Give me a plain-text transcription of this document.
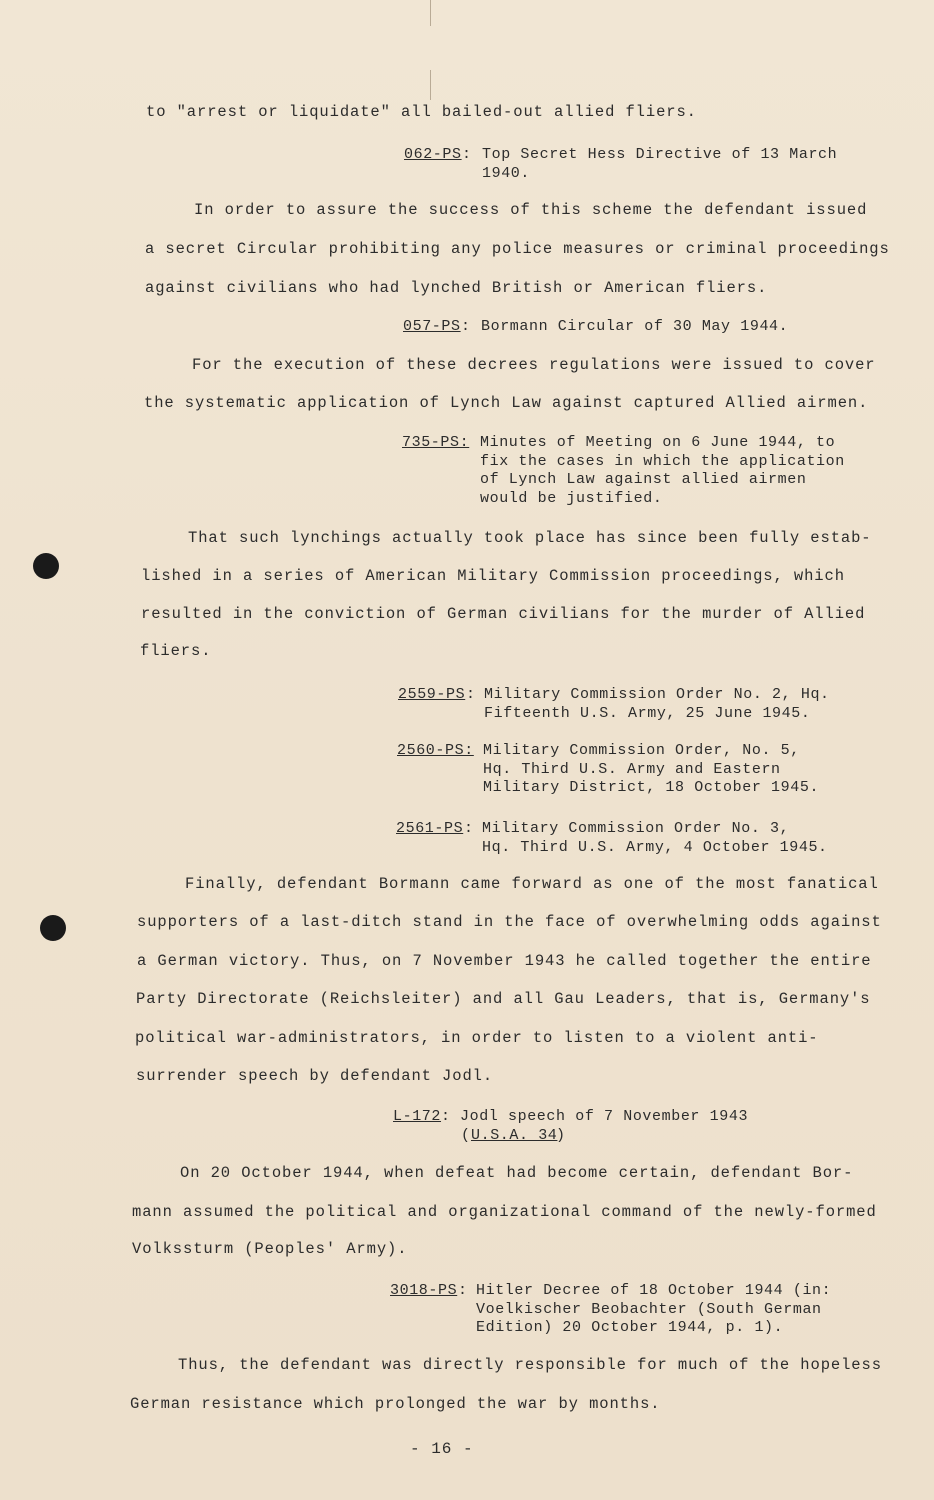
to "arrest or liquidate" all bailed-out allied fliers.
062-PS : Top Secret Hess Directive of 13 March
1940.
In order to assure the success of this scheme the defendant issued
a secret Circular prohibiting any police measures or criminal proceedings
against civilians who had lynched British or American fliers.
057-PS : Bormann Circular of 30 May 1944.
For the execution of these decrees regulations were issued to cover
the systematic application of Lynch Law against captured Allied airmen.
735-PS: Minutes of Meeting on 6 June 1944, to
fix the cases in which the application
of Lynch Law against allied airmen
would be justified.
That such lynchings actually took place has since been fully estab-
lished in a series of American Military Commission proceedings, which
resulted in the conviction of German civilians for the murder of Allied
fliers.
2559-PS : Military Commission Order No. 2, Hq.
Fifteenth U.S. Army, 25 June 1945.
2560-PS: Military Commission Order, No. 5,
Hq. Third U.S. Army and Eastern
Military District, 18 October 1945.
2561-PS : Military Commission Order No. 3,
Hq. Third U.S. Army, 4 October 1945.
Finally, defendant Bormann came forward as one of the most fanatical
supporters of a last-ditch stand in the face of overwhelming odds against
a German victory. Thus, on 7 November 1943 he called together the entire
Party Directorate (Reichsleiter) and all Gau Leaders, that is, Germany's
political war-administrators, in order to listen to a violent anti-
surrender speech by defendant Jodl.
L-172 : Jodl speech of 7 November 1943
( U.S.A. 34
)
On 20 October 1944, when defeat had become certain, defendant Bor-
mann assumed the political and organizational command of the newly-formed
Volkssturm (Peoples' Army).
3018-PS : Hitler Decree of 18 October 1944 (in:
Voelkischer Beobachter (South German
Edition) 20 October 1944, p. 1).
Thus, the defendant was directly responsible for much of the hopeless
German resistance which prolonged the war by months.
- 16 -
